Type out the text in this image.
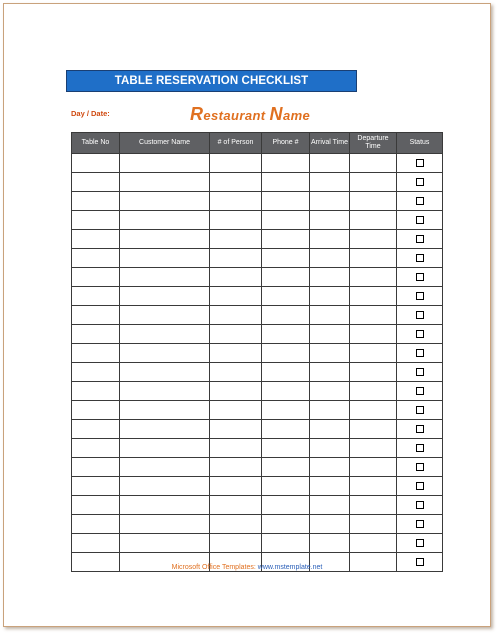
TABLE RESERVATION CHECKLIST
Day / Date:	Restaurant Name
Table No	Customer Name	# of Person	Phone #	Arrival Time	Departure Time	Status

Microsoft Office Templates: www.mstemplate.net
